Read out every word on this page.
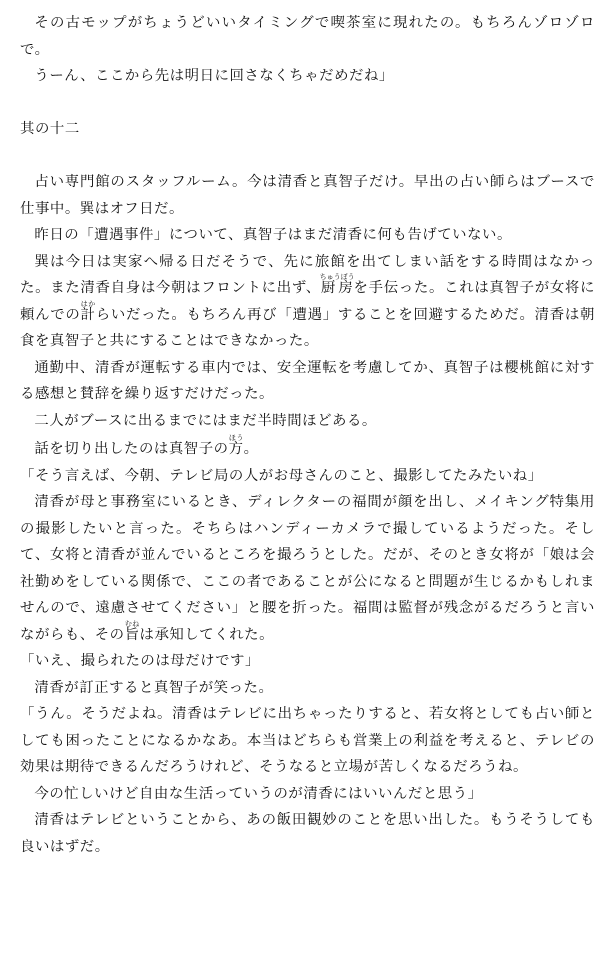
その古モップがちょうどいいタイミングで喫茶室に現れたの。もちろんゾロゾロで。

うーん、ここから先は明日に回さなくちゃだめだね」

其の十二

占い専門館のスタッフルーム。今は清香と真智子だけ。早出の占い師らはブースで仕事中。巽はオフ日だ。

昨日の「遭遇事件」について、真智子はまだ清香に何も告げていない。

巽は今日は実家へ帰る日だそうで、先に旅館を出てしまい話をする時間はなかった。また清香自身は今朝はフロントに出ず、厨房ちゅうぼうを手伝った。これは真智子が女将に頼んでの計はからいだった。もちろん再び「遭遇」することを回避するためだ。清香は朝食を真智子と共にすることはできなかった。

通勤中、清香が運転する車内では、安全運転を考慮してか、真智子は櫻桃館に対する感想と賛辞を繰り返すだけだった。

二人がブースに出るまでにはまだ半時間ほどある。

話を切り出したのは真智子の方ほう。

「そう言えば、今朝、テレビ局の人がお母さんのこと、撮影してたみたいね」

清香が母と事務室にいるとき、ディレクターの福間が顔を出し、メイキング特集用の撮影したいと言った。そちらはハンディーカメラで撮しているようだった。そして、女将と清香が並んでいるところを撮ろうとした。だが、そのとき女将が「娘は会社勤めをしている関係で、ここの者であることが公になると問題が生じるかもしれませんので、遠慮させてください」と腰を折った。福間は監督が残念がるだろうと言いながらも、その旨むねは承知してくれた。

「いえ、撮られたのは母だけです」

清香が訂正すると真智子が笑った。

「うん。そうだよね。清香はテレビに出ちゃったりすると、若女将としても占い師としても困ったことになるかなあ。本当はどちらも営業上の利益を考えると、テレビの効果は期待できるんだろうけれど、そうなると立場が苦しくなるだろうね。

今の忙しいけど自由な生活っていうのが清香にはいいんだと思う」

清香はテレビということから、あの飯田観妙のことを思い出した。もうそうしても良いはずだ。
